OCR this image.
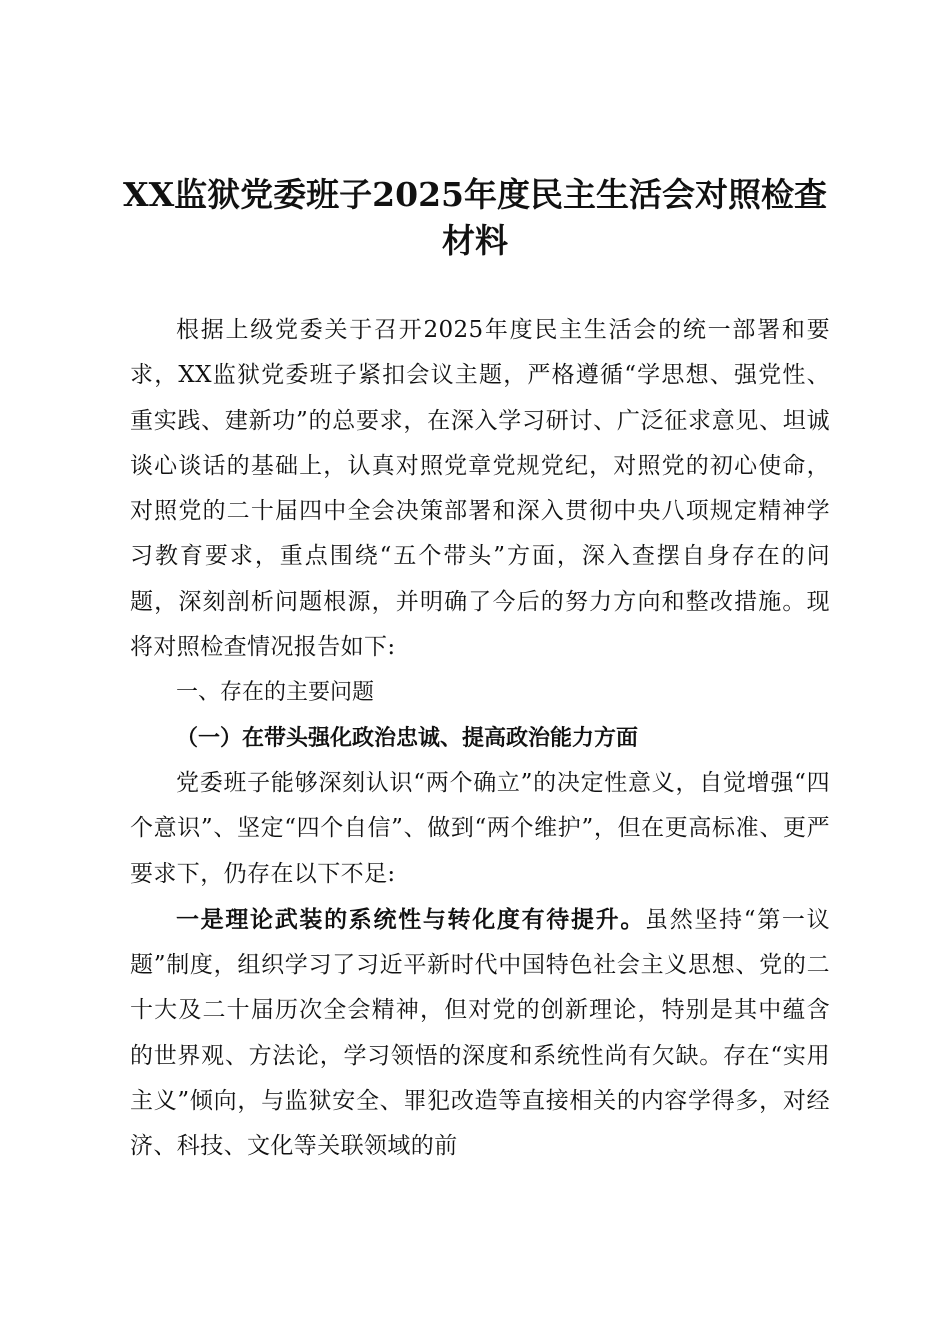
XX监狱党委班子2025年度民主生活会对照检查材料

根据上级党委关于召开2025年度民主生活会的统一部署和要求，XX监狱党委班子紧扣会议主题，严格遵循“学思想、强党性、重实践、建新功”的总要求，在深入学习研讨、广泛征求意见、坦诚谈心谈话的基础上，认真对照党章党规党纪，对照党的初心使命，对照党的二十届四中全会决策部署和深入贯彻中央八项规定精神学习教育要求，重点围绕“五个带头”方面，深入查摆自身存在的问题，深刻剖析问题根源，并明确了今后的努力方向和整改措施。现将对照检查情况报告如下:

一、存在的主要问题

（一）在带头强化政治忠诚、提高政治能力方面

党委班子能够深刻认识“两个确立”的决定性意义，自觉增强“四个意识”、坚定“四个自信”、做到“两个维护”，但在更高标准、更严要求下，仍存在以下不足:

一是理论武装的系统性与转化度有待提升。虽然坚持“第一议题”制度，组织学习了习近平新时代中国特色社会主义思想、党的二十大及二十届历次全会精神，但对党的创新理论，特别是其中蕴含的世界观、方法论，学习领悟的深度和系统性尚有欠缺。存在“实用主义”倾向，与监狱安全、罪犯改造等直接相关的内容学得多，对经济、科技、文化等关联领域的前
